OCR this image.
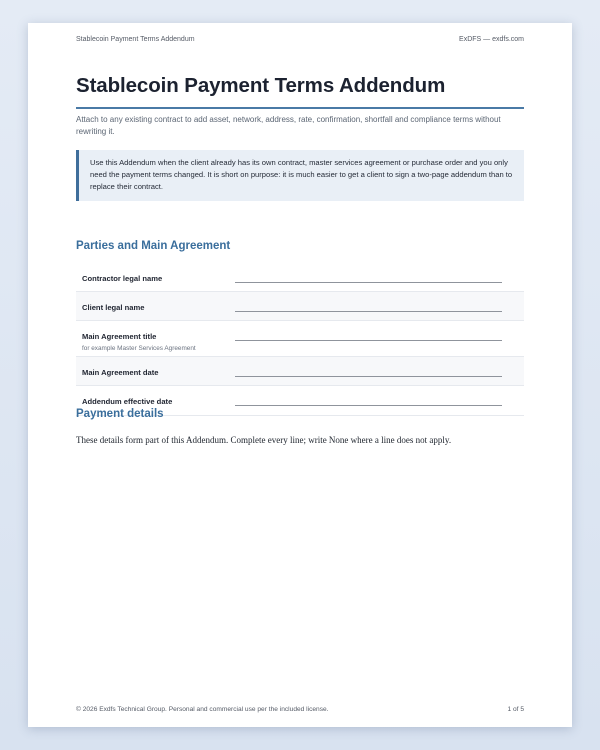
Stablecoin Payment Terms Addendum	ExDFS — exdfs.com
Stablecoin Payment Terms Addendum
Attach to any existing contract to add asset, network, address, rate, confirmation, shortfall and compliance terms without rewriting it.
Use this Addendum when the client already has its own contract, master services agreement or purchase order and you only need the payment terms changed. It is short on purpose: it is much easier to get a client to sign a two-page addendum than to replace their contract.
Parties and Main Agreement
Contractor legal name
Client legal name
Main Agreement title
for example Master Services Agreement
Main Agreement date
Addendum effective date
Payment details
These details form part of this Addendum. Complete every line; write None where a line does not apply.
© 2026 Exdfs Technical Group. Personal and commercial use per the included license.	1 of 5
